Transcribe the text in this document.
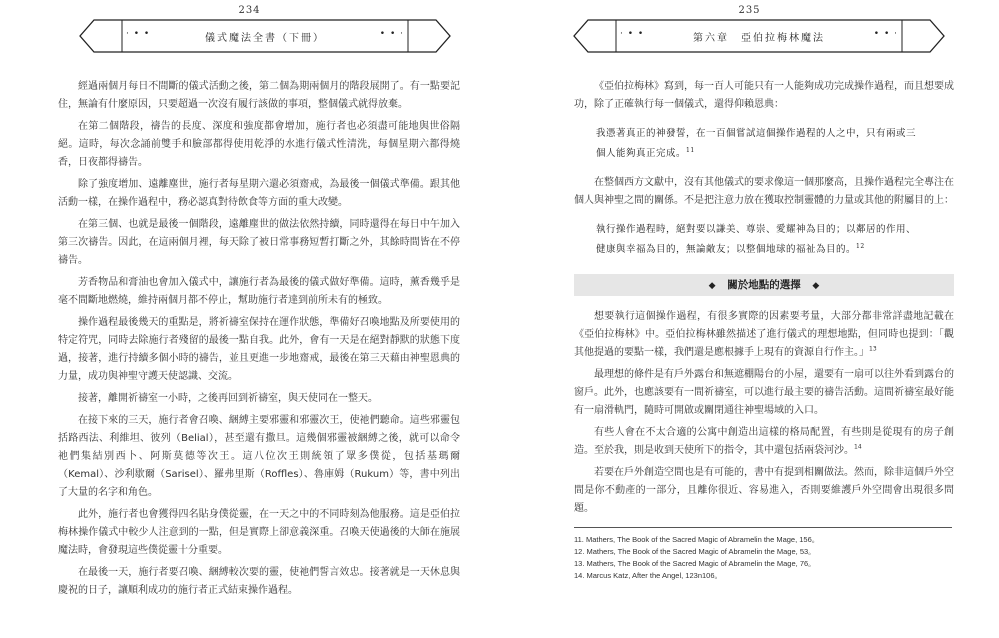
234
· • •	• • ·
儀式魔法全書（下冊）

經過兩個月每日不間斷的儀式活動之後，第二個為期兩個月的階段展開了。有一點要記住，無論有什麼原因，只要超過一次沒有履行該做的事項，整個儀式就得放棄。

在第二個階段，禱告的長度、深度和強度都會增加，施行者也必須盡可能地與世俗隔絕。這時，每次念誦前雙手和臉部都得使用乾淨的水進行儀式性清洗，每個星期六都得燒香，日夜都得禱告。

除了強度增加、遠離塵世，施行者每星期六還必須齋戒，為最後一個儀式準備。跟其他活動一樣，在操作過程中，務必認真對待飲食等方面的重大改變。

在第三個、也就是最後一個階段，遠離塵世的做法依然持續，同時還得在每日中午加入第三次禱告。因此，在這兩個月裡，每天除了被日常事務短暫打斷之外，其餘時間皆在不停禱告。

芳香物品和膏油也會加入儀式中，讓施行者為最後的儀式做好準備。這時，薰香幾乎是毫不間斷地燃燒，維持兩個月都不停止，幫助施行者達到前所未有的極致。

操作過程最後幾天的重點是，將祈禱室保持在運作狀態，準備好召喚地點及所要使用的特定符咒，同時去除施行者殘留的最後一點自我。此外，會有一天是在絕對靜默的狀態下度過，接著，進行持續多個小時的禱告，並且更進一步地齋戒，最後在第三天藉由神聖恩典的力量，成功與神聖守護天使認識、交流。

接著，離開祈禱室一小時，之後再回到祈禱室，與天使同在一整天。

在接下來的三天，施行者會召喚、綑縛主要邪靈和邪靈次王，使祂們聽命。這些邪靈包括路西法、利維坦、彼列（Belial），甚至還有撒旦。這幾個邪靈被綑縛之後，就可以命令祂們集結別西卜、阿斯莫德等次王。這八位次王則統領了眾多僕從，包括基瑪爾（Kemal）、沙利歇爾（Sarisel）、羅弗里斯（Roffles）、魯庫姆（Rukum）等，書中列出了大量的名字和角色。

此外，施行者也會獲得四名貼身僕從靈，在一天之中的不同時刻為他服務。這是亞伯拉梅林操作儀式中較少人注意到的一點，但是實際上卻意義深重。召喚天使過後的大師在施展魔法時，會發現這些僕從靈十分重要。

在最後一天，施行者要召喚、綑縛較次要的靈，使祂們誓言效忠。接著就是一天休息與慶祝的日子，讓順利成功的施行者正式結束操作過程。

235
· • •	• • ·
第六章　亞伯拉梅林魔法

《亞伯拉梅林》寫到，每一百人可能只有一人能夠成功完成操作過程，而且想要成功，除了正確執行每一個儀式，還得仰賴恩典：

我憑著真正的神發誓，在一百個嘗試這個操作過程的人之中，只有兩或三
個人能夠真正完成。$^{11}$

在整個西方文獻中，沒有其他儀式的要求像這一個那麼高，且操作過程完全專注在個人與神聖之間的關係。不是把注意力放在獲取控制靈體的力量或其他的附屬目的上：

執行操作過程時，絕對要以謙美、尊崇、愛耀神為目的；以鄰居的作用、
健康與幸福為目的，無論敵友；以整個地球的福祉為目的。$^{12}$
◆ 關於地點的選擇 ◆

想要執行這個操作過程，有很多實際的因素要考量，大部分都非常詳盡地記載在《亞伯拉梅林》中。亞伯拉梅林雖然描述了進行儀式的理想地點，但同時也提到：「觀其他提過的要點一樣，我們還是應根據手上現有的資源自行作主。」$^{13}$

最理想的條件是有戶外露台和無遮棚陽台的小屋，還要有一扇可以往外看到露台的窗戶。此外，也應該要有一間祈禱室，可以進行最主要的禱告活動。這間祈禱室最好能有一扇滑軌門，隨時可開啟或關閉通往神聖場域的入口。

有些人會在不太合適的公寓中創造出這樣的格局配置，有些則是從現有的房子創造。至於我，則是收到天使所下的指令，其中還包括兩袋河沙。$^{14}$

若要在戶外創造空間也是有可能的，書中有提到相關做法。然而，除非這個戶外空間是你不動產的一部分，且離你很近、容易進入，否則要維護戶外空間會出現很多問題。

11. Mathers, The Book of the Sacred Magic of Abramelin the Mage, 156。
12. Mathers, The Book of the Sacred Magic of Abramelin the Mage, 53。
13. Mathers, The Book of the Sacred Magic of Abramelin the Mage, 76。
14. Marcus Katz, After the Angel, 123n106。
